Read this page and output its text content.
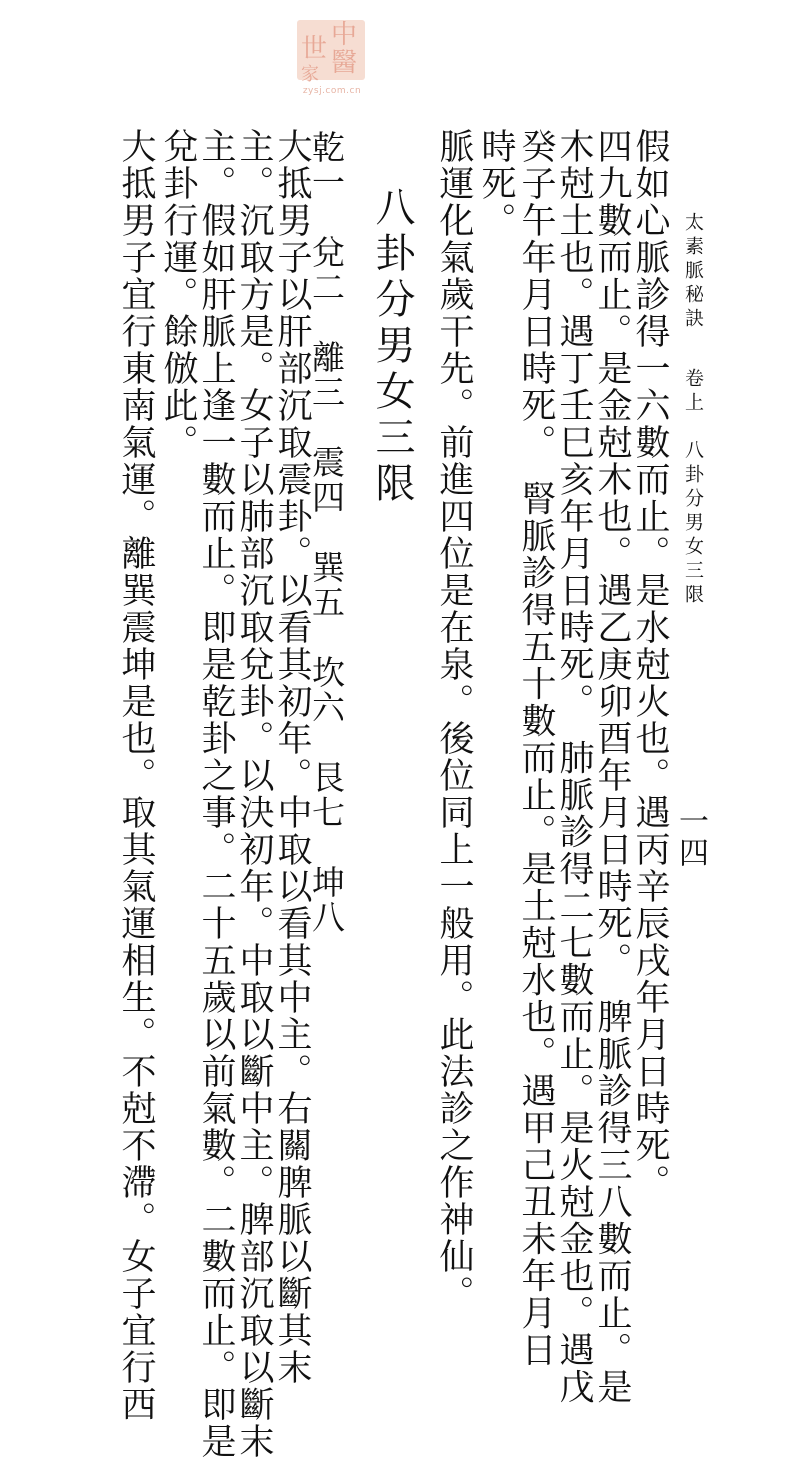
中
醫
世
家
zysj.com.cn
太素脈秘訣
卷上　八卦分男女三限
一四
假如心脈診得一六數而止。是水尅火也。遇丙辛辰戌年月日時死。
四九數而止。是金尅木也。遇乙庚卯酉年月日時死。　脾脈診得三八數而止。是
木尅土也。遇丁壬巳亥年月日時死。　肺脈診得二七數而止。是火尅金也。遇戊
癸子午年月日時死。　腎脈診得五十數而止。是土尅水也。遇甲己丑未年月日
時死。
脈運化氣歲干先。前進四位是在泉。後位同上一般用。此法診之作神仙。
八卦分男女三限
乾一　兌二　離三　震四　巽五　坎六　艮七　坤八
大抵男子以肝部沉取震卦。以看其初年。中取以看其中主。右關脾脈以斷其末
主。沉取方是。女子以肺部沉取兌卦。以決初年。中取以斷中主。脾部沉取以斷末
主。假如肝脈上逢一數而止。即是乾卦之事。二十五歲以前氣數。二數而止。即是
兌卦行運。餘倣此。
大抵男子宜行東南氣運。離巽震坤是也。取其氣運相生。不尅不滯。女子宜行西
